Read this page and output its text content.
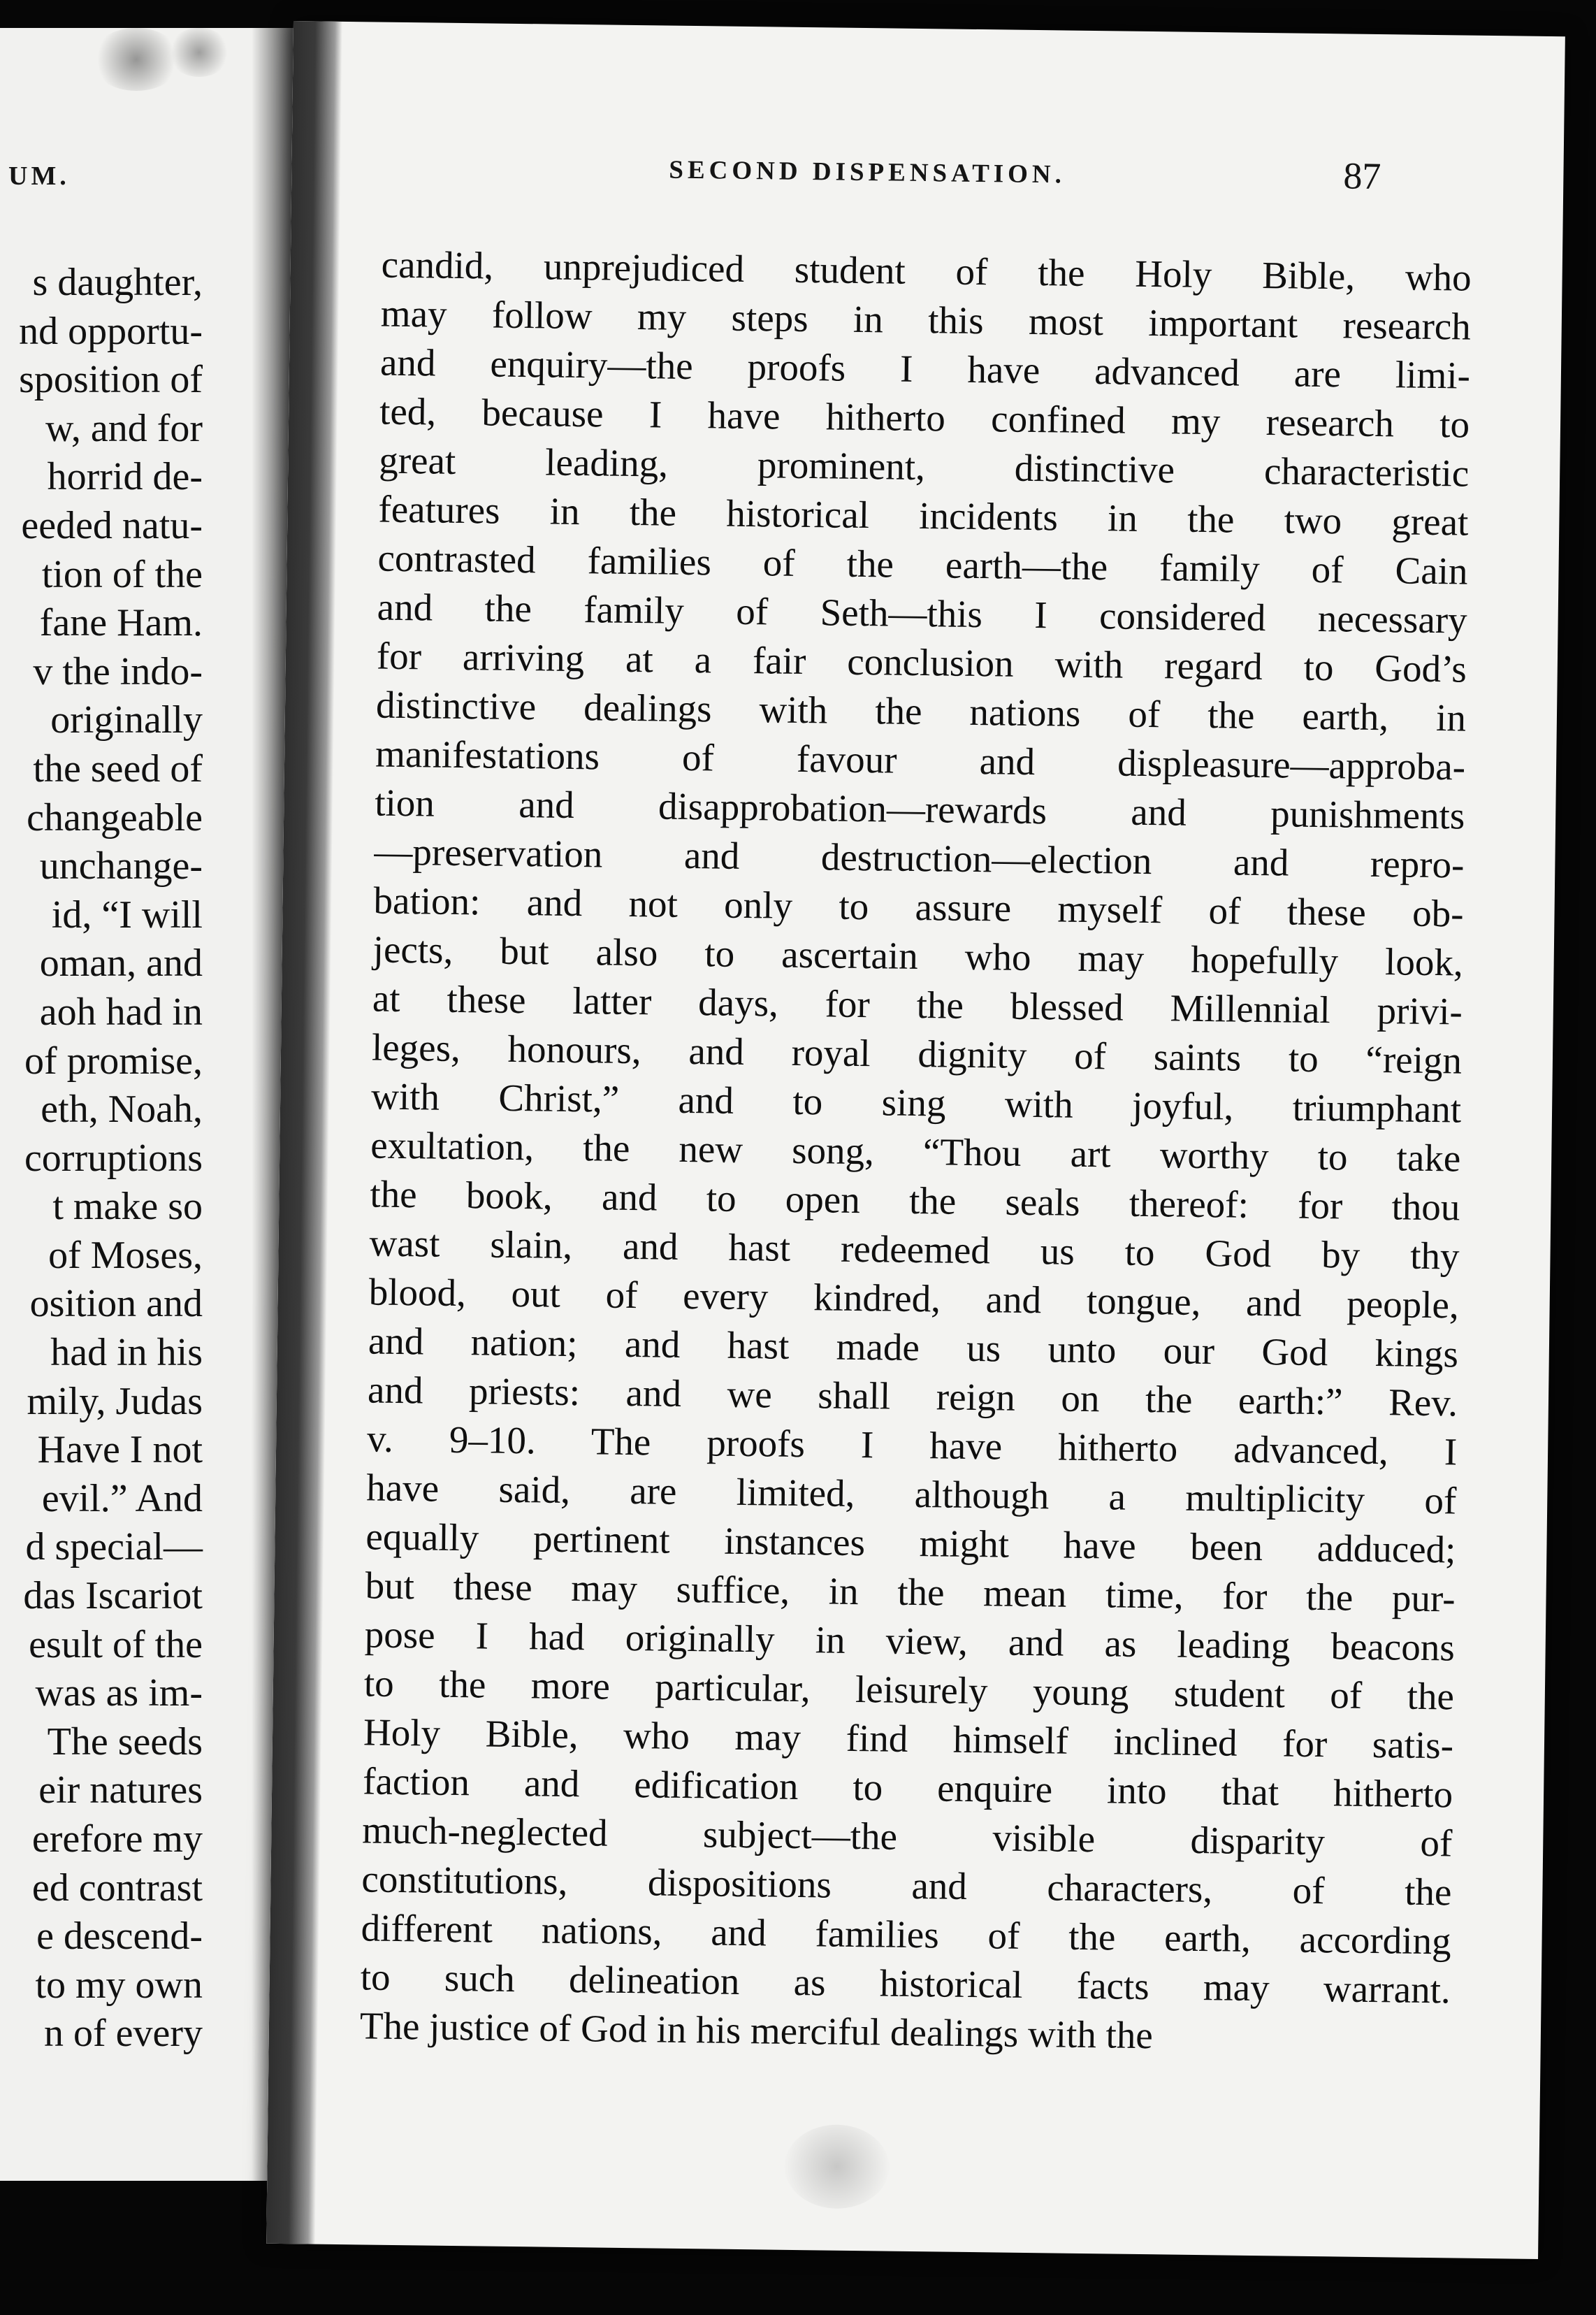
UM.
s daughter,
nd opportu-
sposition of
w, and for
horrid de-
eeded natu-
tion of the
fane Ham.
v the indo-
originally
the seed of
changeable
unchange-
id, “I will
oman, and
aoh had in
of promise,
eth, Noah,
corruptions
t make so
of Moses,
osition and
had in his
mily, Judas
Have I not
evil.” And
d special—
das Iscariot
esult of the
was as im-
The seeds
eir natures
erefore my
ed contrast
e descend-
to my own
n of every
SECOND DISPENSATION.	87
candid, unprejudiced student of the Holy Bible, who
may follow my steps in this most important research
and enquiry—the proofs I have advanced are limi-
ted, because I have hitherto confined my research to
great leading, prominent, distinctive characteristic
features in the historical incidents in the two great
contrasted families of the earth—the family of Cain
and the family of Seth—this I considered necessary
for arriving at a fair conclusion with regard to God’s
distinctive dealings with the nations of the earth, in
manifestations of favour and displeasure—approba-
tion and disapprobation—rewards and punishments
—preservation and destruction—election and repro-
bation: and not only to assure myself of these ob-
jects, but also to ascertain who may hopefully look,
at these latter days, for the blessed Millennial privi-
leges, honours, and royal dignity of saints to “reign
with Christ,” and to sing with joyful, triumphant
exultation, the new song, “Thou art worthy to take
the book, and to open the seals thereof: for thou
wast slain, and hast redeemed us to God by thy
blood, out of every kindred, and tongue, and people,
and nation; and hast made us unto our God kings
and priests: and we shall reign on the earth:” Rev.
v. 9–10. The proofs I have hitherto advanced, I
have said, are limited, although a multiplicity of
equally pertinent instances might have been adduced;
but these may suffice, in the mean time, for the pur-
pose I had originally in view, and as leading beacons
to the more particular, leisurely young student of the
Holy Bible, who may find himself inclined for satis-
faction and edification to enquire into that hitherto
much-neglected subject—the visible disparity of
constitutions, dispositions and characters, of the
different nations, and families of the earth, according
to such delineation as historical facts may warrant.
The justice of God in his merciful dealings with the
